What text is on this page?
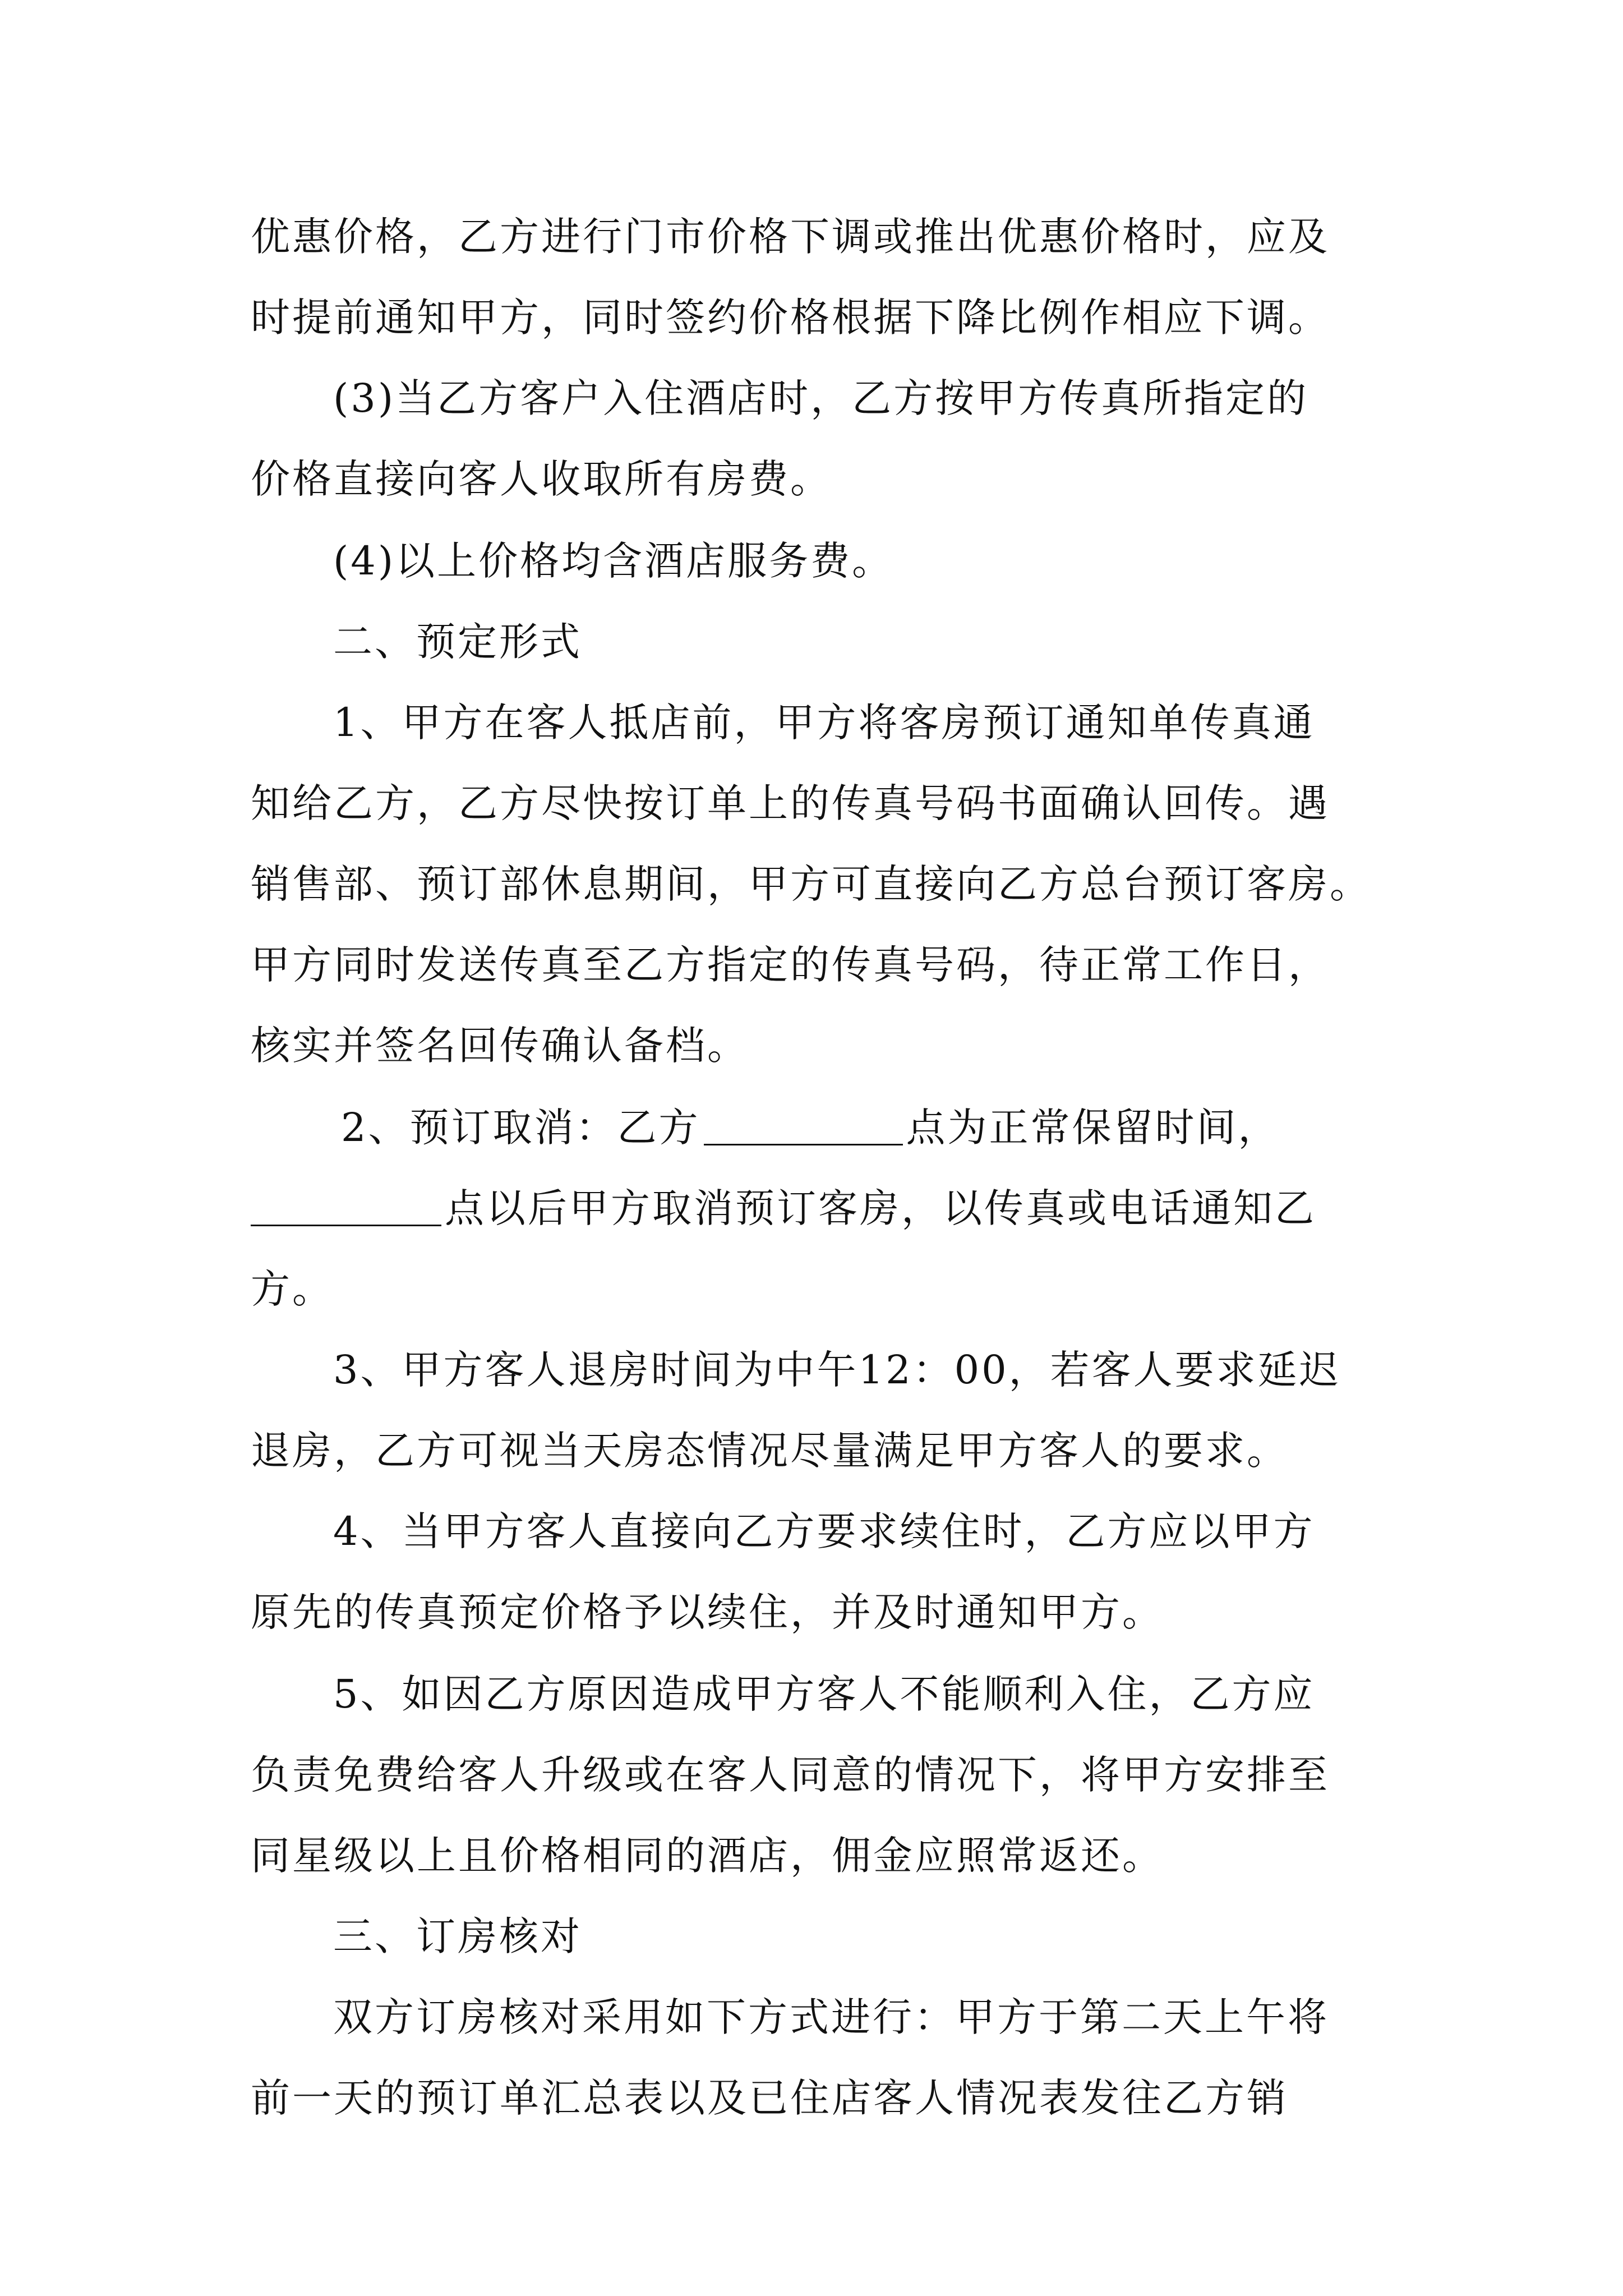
优惠价格，乙方进行门市价格下调或推出优惠价格时，应及
时提前通知甲方，同时签约价格根据下降比例作相应下调。
(3)当乙方客户入住酒店时，乙方按甲方传真所指定的
价格直接向客人收取所有房费。
(4)以上价格均含酒店服务费。
二、预定形式
1、甲方在客人抵店前，甲方将客房预订通知单传真通
知给乙方，乙方尽快按订单上的传真号码书面确认回传。遇
销售部、预订部休息期间，甲方可直接向乙方总台预订客房。
甲方同时发送传真至乙方指定的传真号码，待正常工作日，
核实并签名回传确认备档。
2、预订取消：乙方	点为正常保留时间，
点以后甲方取消预订客房，以传真或电话通知乙
方。
3、甲方客人退房时间为中午12：00，若客人要求延迟
退房，乙方可视当天房态情况尽量满足甲方客人的要求。
4、当甲方客人直接向乙方要求续住时，乙方应以甲方
原先的传真预定价格予以续住，并及时通知甲方。
5、如因乙方原因造成甲方客人不能顺利入住，乙方应
负责免费给客人升级或在客人同意的情况下，将甲方安排至
同星级以上且价格相同的酒店，佣金应照常返还。
三、订房核对
双方订房核对采用如下方式进行：甲方于第二天上午将
前一天的预订单汇总表以及已住店客人情况表发往乙方销
